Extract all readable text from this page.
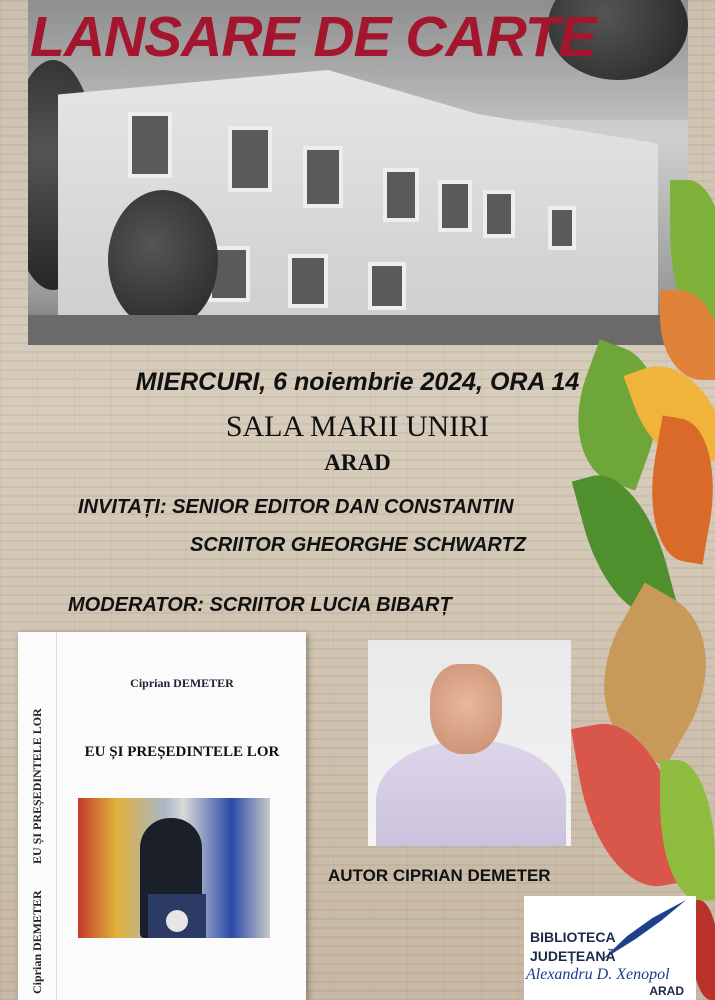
LANSARE DE CARTE

MIERCURI, 6 noiembrie 2024, ORA 14

SALA MARII UNIRI

ARAD

INVITAȚI: SENIOR EDITOR DAN CONSTANTIN

SCRIITOR GHEORGHE SCHWARTZ

MODERATOR: SCRIITOR LUCIA BIBARȚ

EU ȘI PREȘEDINTELE LOR
Ciprian DEMETER
Ciprian DEMETER
EU ȘI PREȘEDINTELE LOR

AUTOR CIPRIAN DEMETER

BIBLIOTECA
JUDEȚEANĂ
Alexandru D. Xenopol
ARAD
